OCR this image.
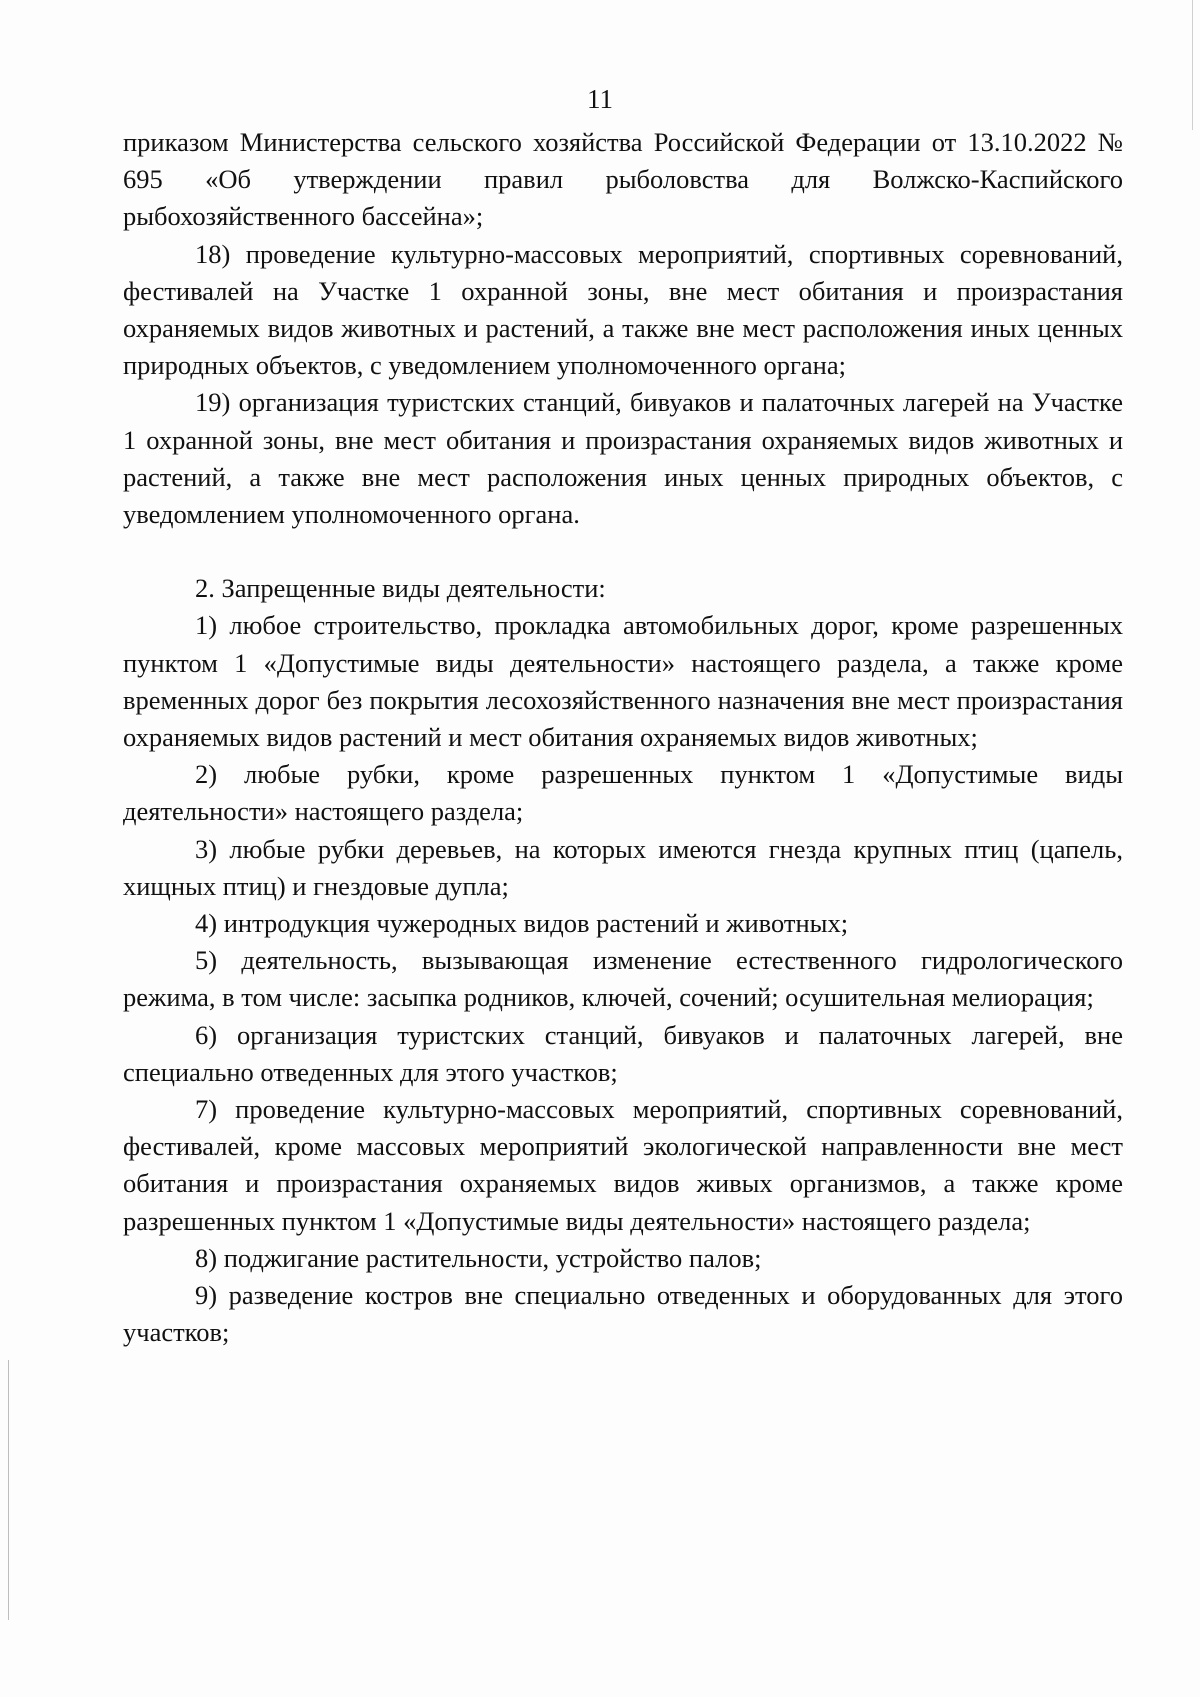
11

приказом Министерства сельского хозяйства Российской Федерации от 13.10.2022 № 695 «Об утверждении правил рыболовства для Волжско-Каспийского рыбохозяйственного бассейна»;

18) проведение культурно-массовых мероприятий, спортивных соревнований, фестивалей на Участке 1 охранной зоны, вне мест обитания и произрастания охраняемых видов животных и растений, а также вне мест расположения иных ценных природных объектов, с уведомлением уполномоченного органа;

19) организация туристских станций, бивуаков и палаточных лагерей на Участке 1 охранной зоны, вне мест обитания и произрастания охраняемых видов животных и растений, а также вне мест расположения иных ценных природных объектов, с уведомлением уполномоченного органа.

2. Запрещенные виды деятельности:

1) любое строительство, прокладка автомобильных дорог, кроме разрешенных пунктом 1 «Допустимые виды деятельности» настоящего раздела, а также кроме временных дорог без покрытия лесохозяйственного назначения вне мест произрастания охраняемых видов растений и мест обитания охраняемых видов животных;

2) любые рубки, кроме разрешенных пунктом 1 «Допустимые виды деятельности» настоящего раздела;

3) любые рубки деревьев, на которых имеются гнезда крупных птиц (цапель, хищных птиц) и гнездовые дупла;

4) интродукция чужеродных видов растений и животных;

5) деятельность, вызывающая изменение естественного гидрологического режима, в том числе: засыпка родников, ключей, сочений; осушительная мелиорация;

6) организация туристских станций, бивуаков и палаточных лагерей, вне специально отведенных для этого участков;

7) проведение культурно-массовых мероприятий, спортивных соревнований, фестивалей, кроме массовых мероприятий экологической направленности вне мест обитания и произрастания охраняемых видов живых организмов, а также кроме разрешенных пунктом 1 «Допустимые виды деятельности» настоящего раздела;

8) поджигание растительности, устройство палов;

9) разведение костров вне специально отведенных и оборудованных для этого участков;
